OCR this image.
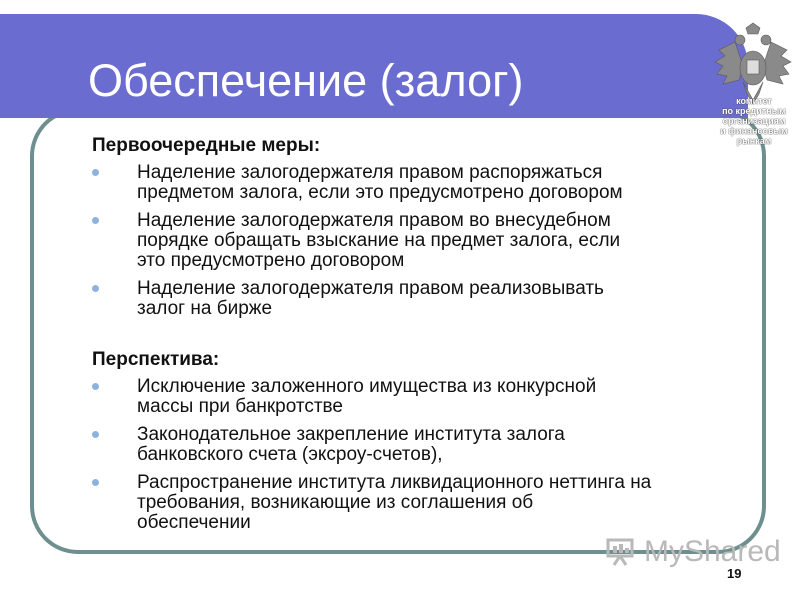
Обеспечение (залог)	комитет
по кредитным
организациям
и финансовым
рынкам
Первоочередные меры:
Наделение залогодержателя правом распоряжаться
предметом залога, если это предусмотрено договором
Наделение залогодержателя правом во внесудебном
порядке обращать взыскание на предмет залога, если
это предусмотрено договором
Наделение залогодержателя правом реализовывать
залог на бирже
Перспектива:
Исключение заложенного имущества из конкурсной
массы при банкротстве
Законодательное закрепление института залога
банковского счета (эксроу-счетов),
Распространение института ликвидационного неттинга на
требования, возникающие из соглашения об
обеспечении
MyShared
19
